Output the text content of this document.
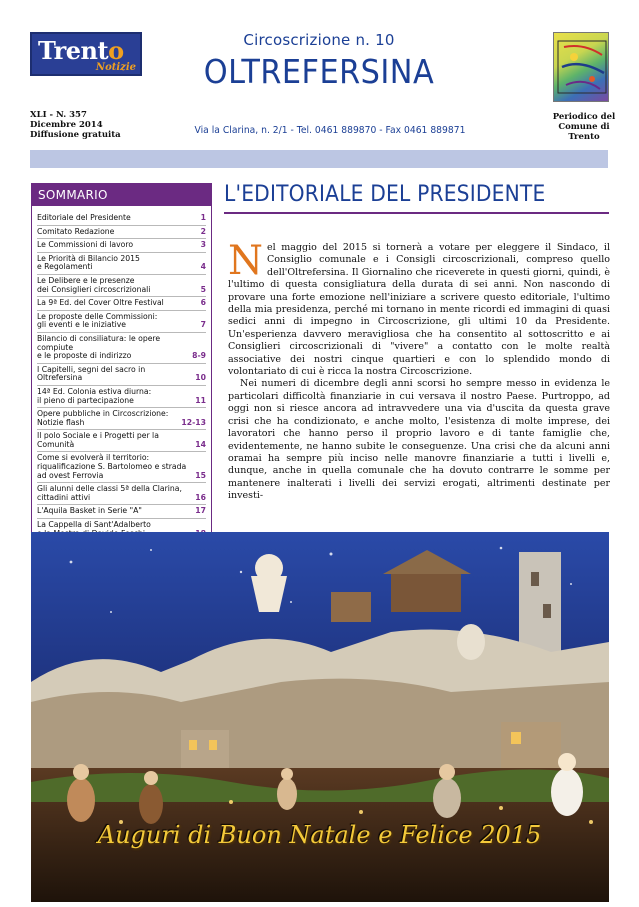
Trento
Notizie
XLI - N. 357
Dicembre 2014
Diffusione gratuita
Circoscrizione n. 10
OLTREFERSINA
Via la Clarina, n. 2/1 - Tel. 0461 889870 - Fax 0461 889871
Periodico del
Comune di Trento
SOMMARIO
Editoriale del Presidente	1
Comitato Redazione	2
Le Commissioni di lavoro	3
Le Priorità di Bilancio 2015
e Regolamenti	4
Le Delibere e le presenze
dei Consiglieri circoscrizionali	5
La 9ª Ed. del Cover Oltre Festival	6
Le proposte delle Commissioni:
gli eventi e le iniziative	7
Bilancio di consiliatura: le opere compiute
e le proposte di indirizzo	8-9
I Capitelli, segni del sacro in Oltrefersina	10
14ª Ed. Colonia estiva diurna:
il pieno di partecipazione	11
Opere pubbliche in Circoscrizione:
Notizie flash	12-13
Il polo Sociale e i Progetti per la Comunità	14
Come si evolverà il territorio:
riqualificazione S. Bartolomeo e strada
ad ovest Ferrovia	15
Gli alunni delle classi 5ª della Clarina,
cittadini attivi	16
L'Aquila Basket in Serie "A"	17
La Cappella di Sant'Adalberto

L'EDITORIALE DEL PRESIDENTE
N el maggio del 2015 si tornerà a votare per eleggere il Sindaco, il Consiglio comunale e i Consigli circoscrizionali, compreso quello dell'Oltrefersina. Il Giornalino che riceverete in questi giorni, quindi, è l'ultimo di questa consigliatura della durata di sei anni. Non nascondo di provare una forte emozione nell'iniziare a scrivere questo editoriale, l'ultimo della mia presidenza, perché mi tornano in mente ricordi ed immagini di quasi sedici anni di impegno in Circoscrizione, gli ultimi 10 da Presidente. Un'esperienza davvero meravigliosa che ha consentito al sottoscritto e ai Consiglieri circoscrizionali di "vivere" a contatto con le molte realtà associative dei nostri cinque quartieri e con lo splendido mondo di volontariato di cui è ricca la nostra Circoscrizione.

Nei numeri di dicembre degli anni scorsi ho sempre messo in evidenza le particolari difficoltà finanziarie in cui versava il nostro Paese. Purtroppo, ad oggi non si riesce ancora ad intravvedere una via d'uscita da questa grave crisi che ha condizionato, e anche molto, l'esistenza di molte imprese, dei lavoratori che hanno perso il proprio lavoro e di tante famiglie che, evidentemente, ne hanno subite le conseguenze. Una crisi che da alcuni anni oramai ha sempre più inciso nelle manovre finanziarie a tutti i livelli e, dunque, anche in quella comunale che ha dovuto contrarre le somme per mantenere inalterati i livelli dei servizi erogati, altrimenti destinate per investi-

Auguri di Buon Natale e Felice 2015
